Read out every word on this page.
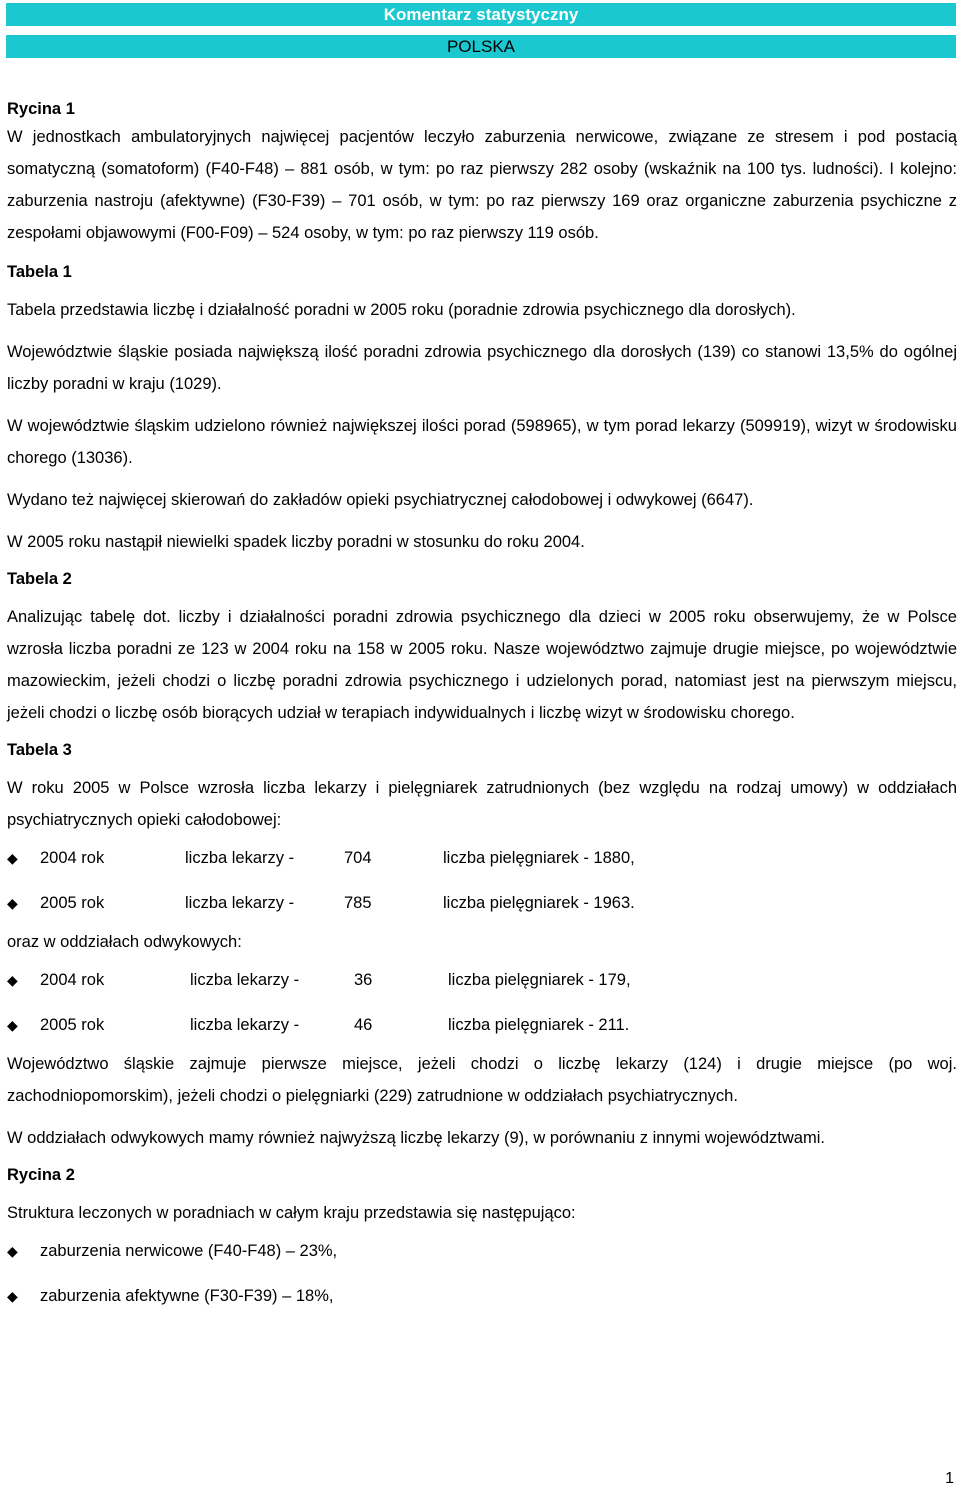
Komentarz statystyczny
POLSKA
Rycina 1

W jednostkach ambulatoryjnych najwięcej pacjentów leczyło zaburzenia nerwicowe, związane ze stresem i pod postacią somatyczną (somatoform) (F40-F48) – 881 osób, w tym: po raz pierwszy 282 osoby (wskaźnik na 100 tys. ludności). I kolejno: zaburzenia nastroju (afektywne) (F30-F39) – 701 osób, w tym: po raz pierwszy 169 oraz organiczne zaburzenia psychiczne z zespołami objawowymi (F00-F09) – 524 osoby, w tym: po raz pierwszy 119 osób.

Tabela 1

Tabela przedstawia liczbę i działalność poradni w 2005 roku (poradnie zdrowia psychicznego dla dorosłych).

Województwie śląskie posiada największą ilość poradni zdrowia psychicznego dla dorosłych (139) co stanowi 13,5% do ogólnej liczby poradni w kraju (1029).

W województwie śląskim udzielono również największej ilości porad (598965), w tym porad lekarzy (509919), wizyt w środowisku chorego (13036).

Wydano też najwięcej skierowań do zakładów opieki psychiatrycznej całodobowej i odwykowej (6647).

W 2005 roku nastąpił niewielki spadek liczby poradni w stosunku do roku 2004.

Tabela 2

Analizując tabelę dot. liczby i działalności poradni zdrowia psychicznego dla dzieci w 2005 roku obserwujemy, że w Polsce wzrosła liczba poradni ze 123 w 2004 roku na 158 w 2005 roku. Nasze województwo zajmuje drugie miejsce, po województwie mazowieckim, jeżeli chodzi o liczbę poradni zdrowia psychicznego i udzielonych porad, natomiast jest na pierwszym miejscu, jeżeli chodzi o liczbę osób biorących udział w terapiach indywidualnych i liczbę wizyt w środowisku chorego.

Tabela 3

W roku 2005 w Polsce wzrosła liczba lekarzy i pielęgniarek zatrudnionych (bez względu na rodzaj umowy) w oddziałach psychiatrycznych opieki całodobowej:

◆ 2004 rok	liczba lekarzy -	704	liczba pielęgniarek - 1880,
◆ 2005 rok	liczba lekarzy -	785	liczba pielęgniarek - 1963.

oraz w oddziałach odwykowych:

◆ 2004 rok	liczba lekarzy -	36	liczba pielęgniarek - 179,
◆ 2005 rok	liczba lekarzy -	46	liczba pielęgniarek - 211.

Województwo śląskie zajmuje pierwsze miejsce, jeżeli chodzi o liczbę lekarzy (124) i drugie miejsce (po woj. zachodniopomorskim), jeżeli chodzi o pielęgniarki (229) zatrudnione w oddziałach psychiatrycznych.

W oddziałach odwykowych mamy również najwyższą liczbę lekarzy (9), w porównaniu z innymi województwami.

Rycina 2

Struktura leczonych w poradniach w całym kraju przedstawia się następująco:

◆ zaburzenia nerwicowe (F40-F48) – 23%,
◆ zaburzenia afektywne (F30-F39) – 18%,
1
